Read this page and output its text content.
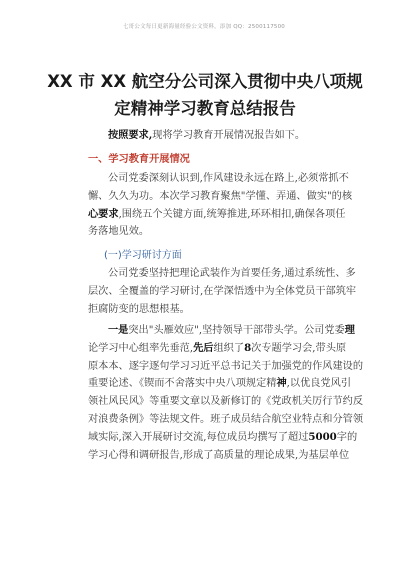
七哥公文每日更新海量经验公文资料，添加 QQ：2500117500
XX 市 XX 航空分公司深入贯彻中央八项规
定精神学习教育总结报告
按照要求,现将学习教育开展情况报告如下。
一、学习教育开展情况
公司党委深刻认识到,作风建设永远在路上,必须常抓不
懈、久久为功。本次学习教育聚焦"学懂、弄通、做实"的核
心要求,围绕五个关键方面,统筹推进,环环相扣,确保各项任
务落地见效。
(一)学习研讨方面
公司党委坚持把理论武装作为首要任务,通过系统性、多
层次、全覆盖的学习研讨,在学深悟透中为全体党员干部筑牢
拒腐防变的思想根基。
一是突出"头雁效应",坚持领导干部带头学。公司党委理
论学习中心组率先垂范,先后组织了8次专题学习会,带头原
原本本、逐字逐句学习习近平总书记关于加强党的作风建设的
重要论述、《锲而不舍落实中央八项规定精神,以优良党风引
领社风民风》等重要文章以及新修订的《党政机关厉行节约反
对浪费条例》等法规文件。班子成员结合航空业特点和分管领
域实际,深入开展研讨交流,每位成员均撰写了超过5000字的
学习心得和调研报告,形成了高质量的理论成果,为基层单位
